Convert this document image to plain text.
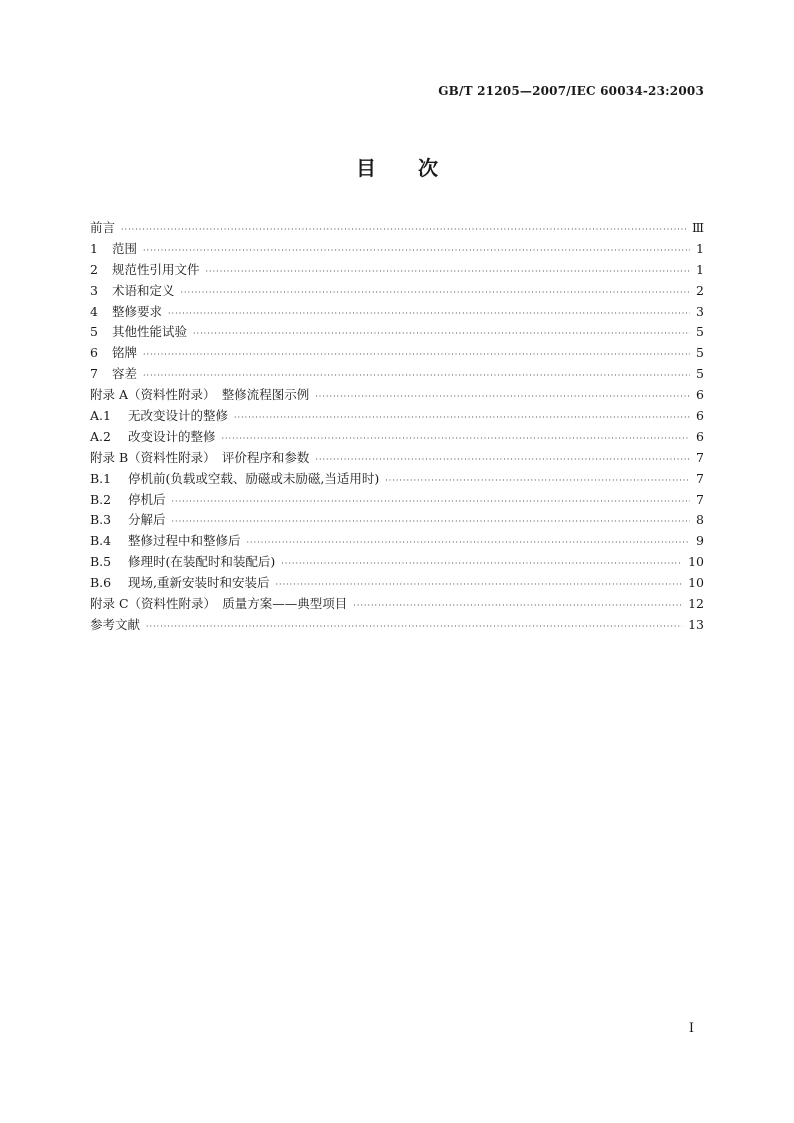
GB/T 21205—2007/IEC 60034-23:2003
目次
前言 ·····	Ⅲ
1	范围 ·····	1
2	规范性引用文件 ·····	1
3	术语和定义 ·····	2
4	整修要求 ·····	3
5	其他性能试验 ·····	5
6	铭牌 ·····	5
7	容差 ·····	5
附录 A（资料性附录）　整修流程图示例 ·····	6
A.1	无改变设计的整修 ·····	6
A.2	改变设计的整修 ·····	6
附录 B（资料性附录）　评价程序和参数 ·····	7
B.1	停机前(负载或空载、励磁或未励磁,当适用时) ·····	7
B.2	停机后 ·····	7
B.3	分解后 ·····	8
B.4	整修过程中和整修后 ·····	9
B.5	修理时(在装配时和装配后) ·····	10
B.6	现场,重新安装时和安装后 ·····	10
附录 C（资料性附录）　质量方案——典型项目 ·····	12
参考文献 ·····	13
I
